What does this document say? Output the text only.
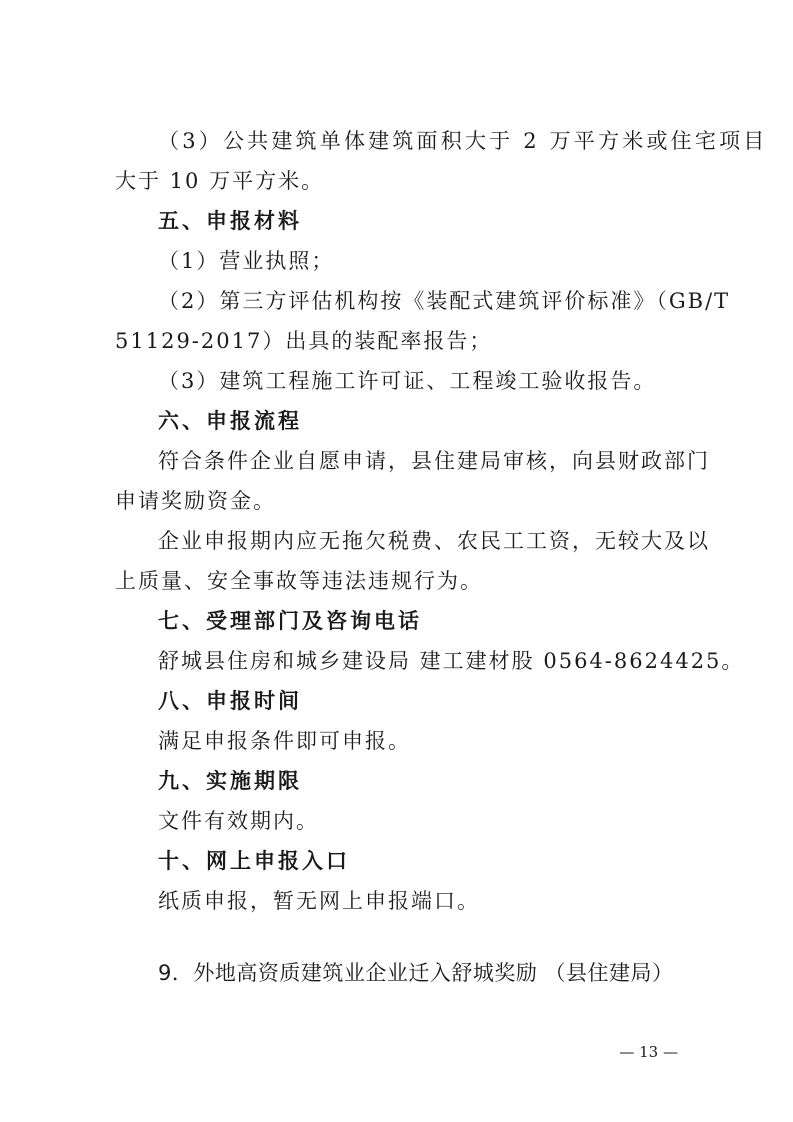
（3）公共建筑单体建筑面积大于 2 万平方米或住宅项目
大于 10 万平方米。
五、申报材料
（1）营业执照；
（2）第三方评估机构按《装配式建筑评价标准》（GB/T
51129-2017）出具的装配率报告；
（3）建筑工程施工许可证、工程竣工验收报告。
六、申报流程
符合条件企业自愿申请，县住建局审核，向县财政部门
申请奖励资金。
企业申报期内应无拖欠税费、农民工工资，无较大及以
上质量、安全事故等违法违规行为。
七、受理部门及咨询电话
舒城县住房和城乡建设局 建工建材股 0564-8624425。
八、申报时间
满足申报条件即可申报。
九、实施期限
文件有效期内。
十、网上申报入口
纸质申报，暂无网上申报端口。
9．外地高资质建筑业企业迁入舒城奖励 （县住建局）
— 13 —
